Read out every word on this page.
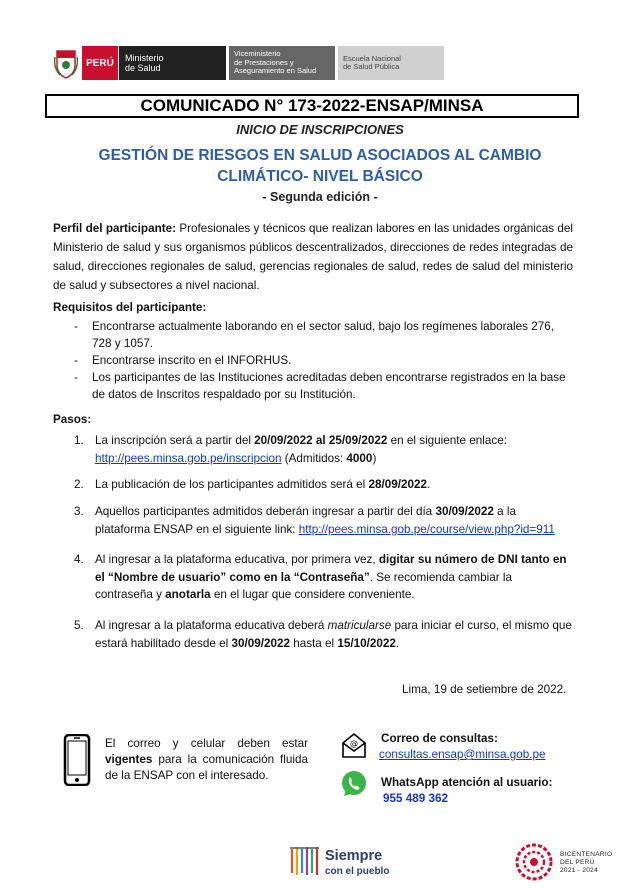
PERÚ Ministerio
de Salud
Viceministerio
de Prestaciones y
Aseguramiento en Salud
Escuela Nacional
de Salud Pública
COMUNICADO N° 173-2022-ENSAP/MINSA
INICIO DE INSCRIPCIONES
GESTIÓN DE RIESGOS EN SALUD ASOCIADOS AL CAMBIO
CLIMÁTICO- NIVEL BÁSICO
- Segunda edición -
Perfil del participante: Profesionales y técnicos que realizan labores en las unidades orgánicas del Ministerio de salud y sus organismos públicos descentralizados, direcciones de redes integradas de salud, direcciones regionales de salud, gerencias regionales de salud, redes de salud del ministerio de salud y subsectores a nivel nacional.
Requisitos del participante:
- Encontrarse actualmente laborando en el sector salud, bajo los regímenes laborales 276, 728 y 1057.
- Encontrarse inscrito en el INFORHUS.
- Los participantes de las Instituciones acreditadas deben encontrarse registrados en la base de datos de Inscritos respaldado por su Institución.
Pasos:
1. La inscripción será a partir del 20/09/2022 al 25/09/2022 en el siguiente enlace:
http://pees.minsa.gob.pe/inscripcion (Admitidos: 4000)
2. La publicación de los participantes admitidos será el 28/09/2022.
3. Aquellos participantes admitidos deberán ingresar a partir del día 30/09/2022 a la plataforma ENSAP en el siguiente link: http://pees.minsa.gob.pe/course/view.php?id=911
4. Al ingresar a la plataforma educativa, por primera vez, digitar su número de DNI tanto en el “Nombre de usuario” como en la “Contraseña”. Se recomienda cambiar la contraseña y anotarla en el lugar que considere conveniente.
5. Al ingresar a la plataforma educativa deberá matricularse para iniciar el curso, el mismo que estará habilitado desde el 30/09/2022 hasta el 15/10/2022.
Lima, 19 de setiembre de 2022.
El correo y celular deben estar vigentes para la comunicación fluida de la ENSAP con el interesado.
@ Correo de consultas:
consultas.ensap@minsa.gob.pe
WhatsApp atención al usuario:
955 489 362
Siempre
con el pueblo
BICENTENARIO
DEL PERÚ
2021 - 2024
